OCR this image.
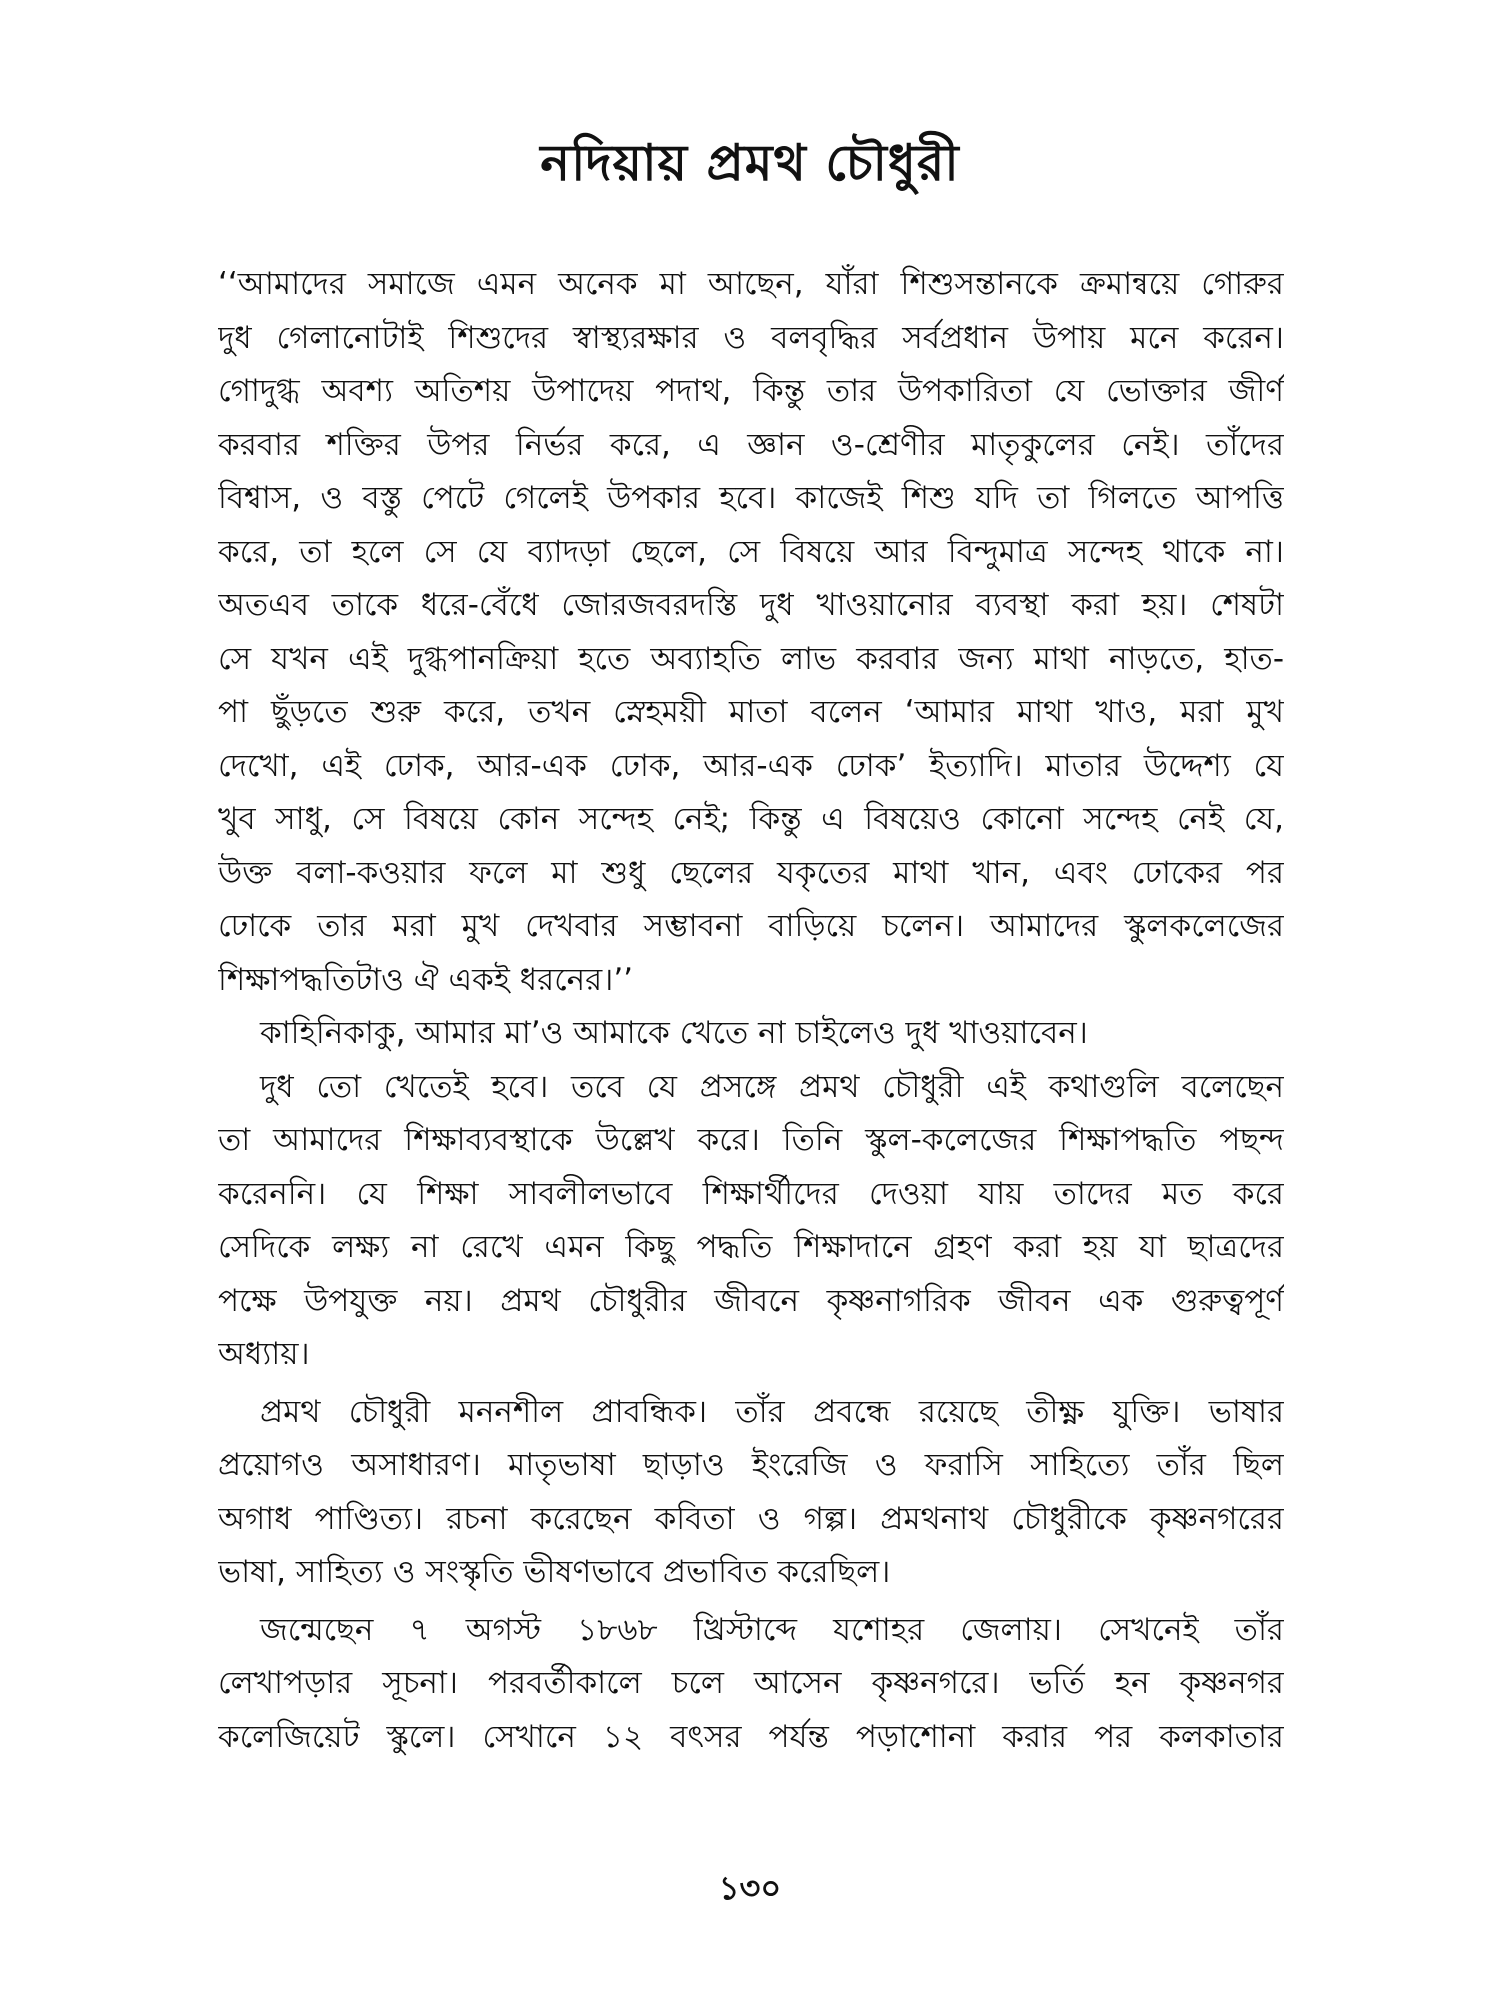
নদিয়ায় প্রমথ চৌধুরী
‘‘আমাদের সমাজে এমন অনেক মা আছেন, যাঁরা শিশুসন্তানকে ক্রমান্বয়ে গোরুর
দুধ গেলানোটাই শিশুদের স্বাস্থ্যরক্ষার ও বলবৃদ্ধির সর্বপ্রধান উপায় মনে করেন।
গোদুগ্ধ অবশ্য অতিশয় উপাদেয় পদাথ, কিন্তু তার উপকারিতা যে ভোক্তার জীর্ণ
করবার শক্তির উপর নির্ভর করে, এ জ্ঞান ও-শ্রেণীর মাতৃকুলের নেই। তাঁদের
বিশ্বাস, ও বস্তু পেটে গেলেই উপকার হবে। কাজেই শিশু যদি তা গিলতে আপত্তি
করে, তা হলে সে যে ব্যাদড়া ছেলে, সে বিষয়ে আর বিন্দুমাত্র সন্দেহ থাকে না।
অতএব তাকে ধরে-বেঁধে জোরজবরদস্তি দুধ খাওয়ানোর ব্যবস্থা করা হয়। শেষটা
সে যখন এই দুগ্ধপানক্রিয়া হতে অব্যাহতি লাভ করবার জন্য মাথা নাড়তে, হাত-
পা ছুঁড়তে শুরু করে, তখন স্নেহময়ী মাতা বলেন ‘আমার মাথা খাও, মরা মুখ
দেখো, এই ঢোক, আর-এক ঢোক, আর-এক ঢোক’ ইত্যাদি। মাতার উদ্দেশ্য যে
খুব সাধু, সে বিষয়ে কোন সন্দেহ নেই; কিন্তু এ বিষয়েও কোনো সন্দেহ নেই যে,
উক্ত বলা-কওয়ার ফলে মা শুধু ছেলের যকৃতের মাথা খান, এবং ঢোকের পর
ঢোকে তার মরা মুখ দেখবার সম্ভাবনা বাড়িয়ে চলেন। আমাদের স্কুলকলেজের
শিক্ষাপদ্ধতিটাও ঐ একই ধরনের।’’
কাহিনিকাকু, আমার মা’ও আমাকে খেতে না চাইলেও দুধ খাওয়াবেন।
দুধ তো খেতেই হবে। তবে যে প্রসঙ্গে প্রমথ চৌধুরী এই কথাগুলি বলেছেন
তা আমাদের শিক্ষাব্যবস্থাকে উল্লেখ করে। তিনি স্কুল-কলেজের শিক্ষাপদ্ধতি পছন্দ
করেননি। যে শিক্ষা সাবলীলভাবে শিক্ষার্থীদের দেওয়া যায় তাদের মত করে
সেদিকে লক্ষ্য না রেখে এমন কিছু পদ্ধতি শিক্ষাদানে গ্রহণ করা হয় যা ছাত্রদের
পক্ষে উপযুক্ত নয়। প্রমথ চৌধুরীর জীবনে কৃষ্ণনাগরিক জীবন এক গুরুত্বপূর্ণ
অধ্যায়।
প্রমথ চৌধুরী মননশীল প্রাবন্ধিক। তাঁর প্রবন্ধে রয়েছে তীক্ষ্ণ যুক্তি। ভাষার
প্রয়োগও অসাধারণ। মাতৃভাষা ছাড়াও ইংরেজি ও ফরাসি সাহিত্যে তাঁর ছিল
অগাধ পাণ্ডিত্য। রচনা করেছেন কবিতা ও গল্প। প্রমথনাথ চৌধুরীকে কৃষ্ণনগরের
ভাষা, সাহিত্য ও সংস্কৃতি ভীষণভাবে প্রভাবিত করেছিল।
জন্মেছেন ৭ অগস্ট ১৮৬৮ খ্রিস্টাব্দে যশোহর জেলায়। সেখনেই তাঁর
লেখাপড়ার সূচনা। পরবর্তীকালে চলে আসেন কৃষ্ণনগরে। ভর্তি হন কৃষ্ণনগর
কলেজিয়েট স্কুলে। সেখানে ১২ বৎসর পর্যন্ত পড়াশোনা করার পর কলকাতার
১৩০
